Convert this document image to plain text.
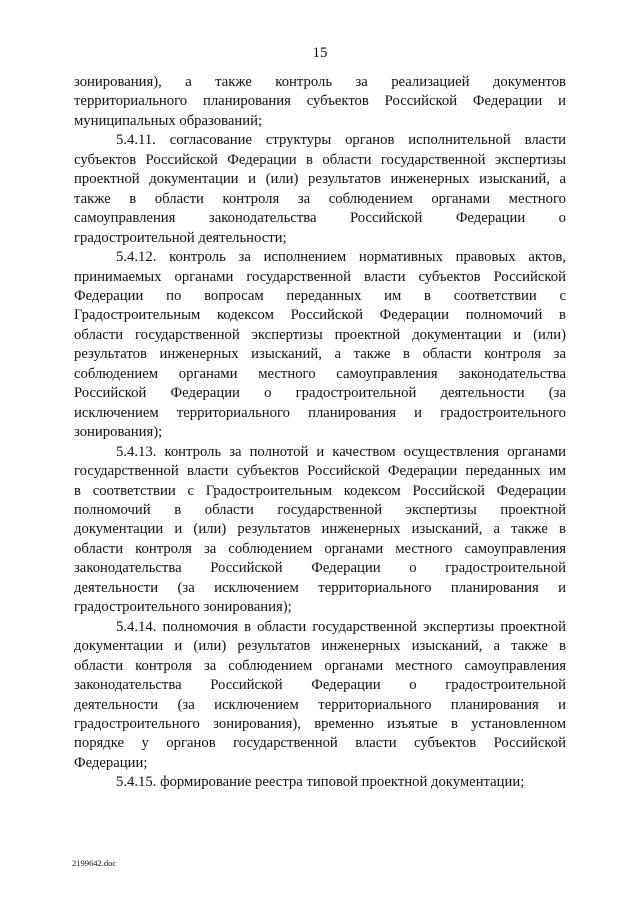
15
зонирования), а также контроль за реализацией документов
территориального планирования субъектов Российской Федерации и
муниципальных образований;
5.4.11. согласование структуры органов исполнительной власти
субъектов Российской Федерации в области государственной экспертизы
проектной документации и (или) результатов инженерных изысканий, а
также в области контроля за соблюдением органами местного
самоуправления законодательства Российской Федерации о
градостроительной деятельности;
5.4.12. контроль за исполнением нормативных правовых актов,
принимаемых органами государственной власти субъектов Российской
Федерации по вопросам переданных им в соответствии с
Градостроительным кодексом Российской Федерации полномочий в
области государственной экспертизы проектной документации и (или)
результатов инженерных изысканий, а также в области контроля за
соблюдением органами местного самоуправления законодательства
Российской Федерации о градостроительной деятельности (за
исключением территориального планирования и градостроительного
зонирования);
5.4.13. контроль за полнотой и качеством осуществления органами
государственной власти субъектов Российской Федерации переданных им
в соответствии с Градостроительным кодексом Российской Федерации
полномочий в области государственной экспертизы проектной
документации и (или) результатов инженерных изысканий, а также в
области контроля за соблюдением органами местного самоуправления
законодательства Российской Федерации о градостроительной
деятельности (за исключением территориального планирования и
градостроительного зонирования);
5.4.14. полномочия в области государственной экспертизы проектной
документации и (или) результатов инженерных изысканий, а также в
области контроля за соблюдением органами местного самоуправления
законодательства Российской Федерации о градостроительной
деятельности (за исключением территориального планирования и
градостроительного зонирования), временно изъятые в установленном
порядке у органов государственной власти субъектов Российской
Федерации;
5.4.15. формирование реестра типовой проектной документации;
2199642.doc
